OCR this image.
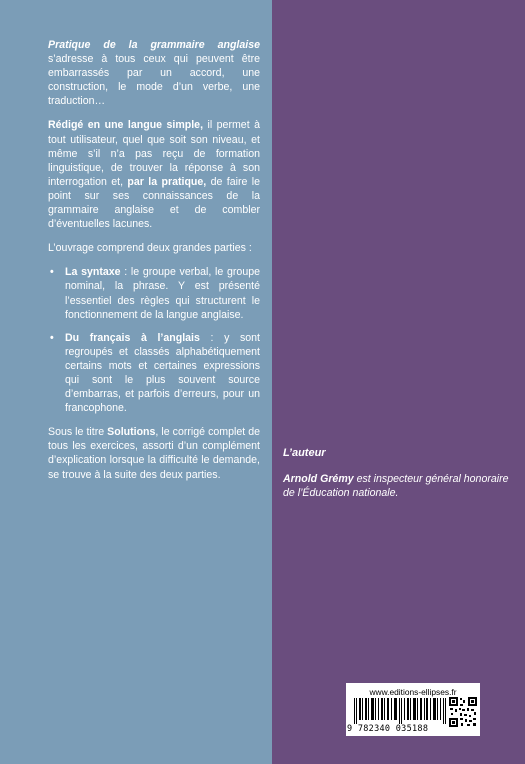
Pratique de la grammaire anglaise s’adresse à tous ceux qui peuvent être embarrassés par un accord, une construction, le mode d’un verbe, une traduction…

Rédigé en une langue simple, il permet à tout utilisateur, quel que soit son niveau, et même s’il n’a pas reçu de formation linguistique, de trouver la réponse à son interrogation et, par la pratique, de faire le point sur ses connaissances de la grammaire anglaise et de combler d’éventuelles lacunes.

L’ouvrage comprend deux grandes parties :

• La syntaxe : le groupe verbal, le groupe nominal, la phrase. Y est présenté l’essentiel des règles qui structurent le fonctionnement de la langue anglaise.
• Du français à l’anglais : y sont regroupés et classés alphabétiquement certains mots et certaines expressions qui sont le plus souvent source d’embarras, et parfois d’erreurs, pour un francophone.

Sous le titre Solutions, le corrigé complet de tous les exercices, assorti d’un complément d’explication lorsque la difficulté le demande, se trouve à la suite des deux parties.

L’auteur
Arnold Grémy est inspecteur général honoraire de l’Éducation nationale.
www.editions-ellipses.fr
9 782340 035188
